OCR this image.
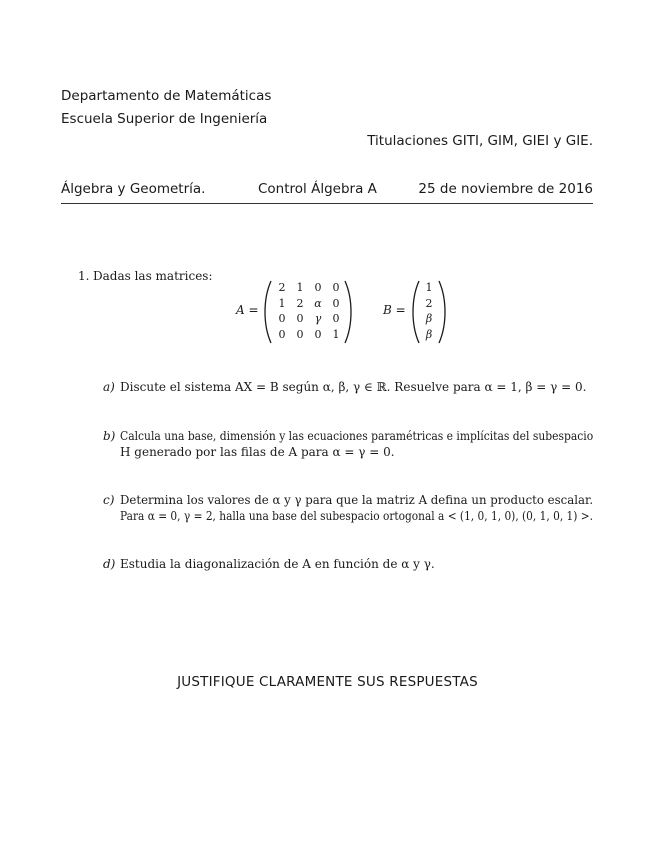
Departamento de Matemáticas
Escuela Superior de Ingeniería
Titulaciones GITI, GIM, GIEI y GIE.
Álgebra y Geometría.	Control Álgebra A	25 de noviembre de 2016
1. Dadas las matrices:
A =
2	1	0	0
1	2 α 0
0	0	γ	0
0	0	0	1
B =
1
2
β
β
a) Discute el sistema AX = B según α, β, γ ∈ ℝ. Resuelve para α = 1, β = γ = 0.
b) Calcula una base, dimensión y las ecuaciones paramétricas e implícitas del subespacio
H generado por las filas de A para α = γ = 0.
c) Determina los valores de α y γ para que la matriz A defina un producto escalar.
Para α = 0, γ = 2, halla una base del subespacio ortogonal a < (1, 0, 1, 0), (0, 1, 0, 1) >.
d) Estudia la diagonalización de A en función de α y γ.
JUSTIFIQUE CLARAMENTE SUS RESPUESTAS
